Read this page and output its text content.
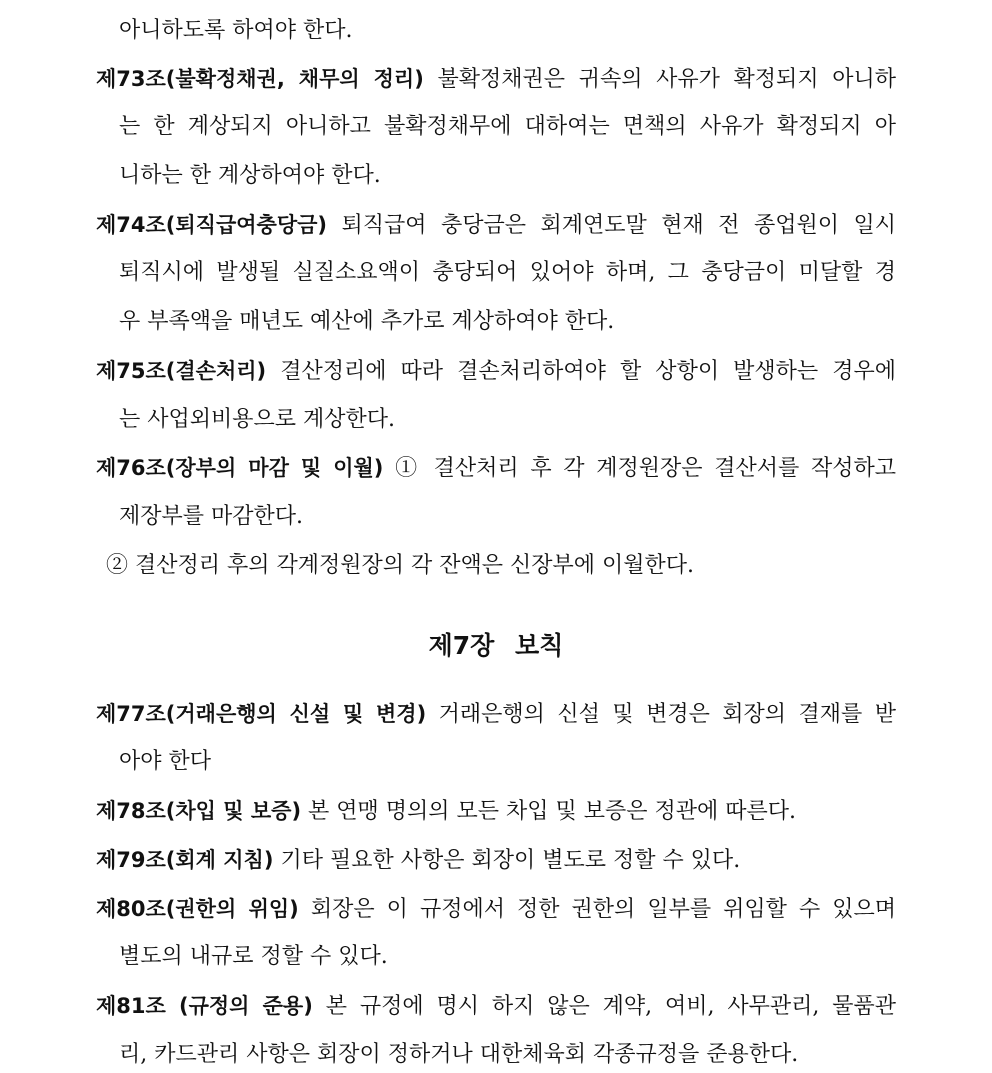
아니하도록 하여야 한다.
제73조(불확정채권, 채무의 정리) 불확정채권은 귀속의 사유가 확정되지 아니하
는 한 계상되지 아니하고 불확정채무에 대하여는 면책의 사유가 확정되지 아
니하는 한 계상하여야 한다.
제74조(퇴직급여충당금) 퇴직급여 충당금은 회계연도말 현재 전 종업원이 일시
퇴직시에 발생될 실질소요액이 충당되어 있어야 하며, 그 충당금이 미달할 경
우 부족액을 매년도 예산에 추가로 계상하여야 한다.
제75조(결손처리) 결산정리에 따라 결손처리하여야 할 상항이 발생하는 경우에
는 사업외비용으로 계상한다.
제76조(장부의 마감 및 이월) ① 결산처리 후 각 계정원장은 결산서를 작성하고
제장부를 마감한다.
② 결산정리 후의 각계정원장의 각 잔액은 신장부에 이월한다.
제7장 보칙
제77조(거래은행의 신설 및 변경) 거래은행의 신설 및 변경은 회장의 결재를 받
아야 한다
제78조(차입 및 보증) 본 연맹 명의의 모든 차입 및 보증은 정관에 따른다.
제79조(회계 지침) 기타 필요한 사항은 회장이 별도로 정할 수 있다.
제80조(권한의 위임) 회장은 이 규정에서 정한 권한의 일부를 위임할 수 있으며
별도의 내규로 정할 수 있다.
제81조 (규정의 준용) 본 규정에 명시 하지 않은 계약, 여비, 사무관리, 물품관
리, 카드관리 사항은 회장이 정하거나 대한체육회 각종규정을 준용한다.
